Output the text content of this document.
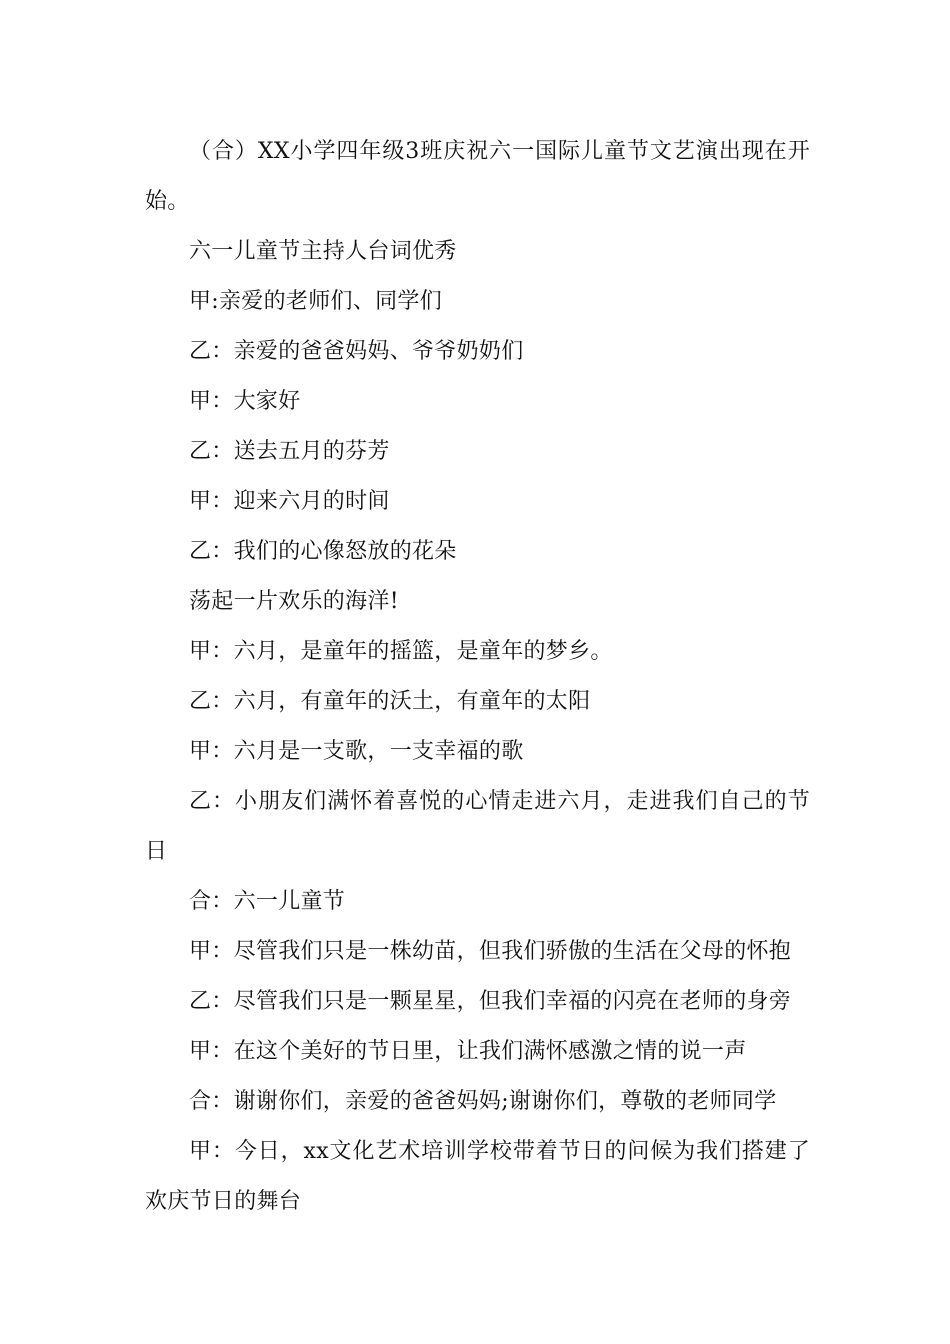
（合）XX小学四年级3班庆祝六一国际儿童节文艺演出现在开始。

六一儿童节主持人台词优秀

甲:亲爱的老师们、同学们

乙：亲爱的爸爸妈妈、爷爷奶奶们

甲：大家好

乙：送去五月的芬芳

甲：迎来六月的时间

乙：我们的心像怒放的花朵

荡起一片欢乐的海洋!

甲：六月，是童年的摇篮，是童年的梦乡。

乙：六月，有童年的沃土，有童年的太阳

甲：六月是一支歌，一支幸福的歌

乙：小朋友们满怀着喜悦的心情走进六月，走进我们自己的节日

合：六一儿童节

甲：尽管我们只是一株幼苗，但我们骄傲的生活在父母的怀抱

乙：尽管我们只是一颗星星，但我们幸福的闪亮在老师的身旁

甲：在这个美好的节日里，让我们满怀感激之情的说一声

合：谢谢你们，亲爱的爸爸妈妈;谢谢你们，尊敬的老师同学

甲：今日，xx文化艺术培训学校带着节日的问候为我们搭建了欢庆节日的舞台
